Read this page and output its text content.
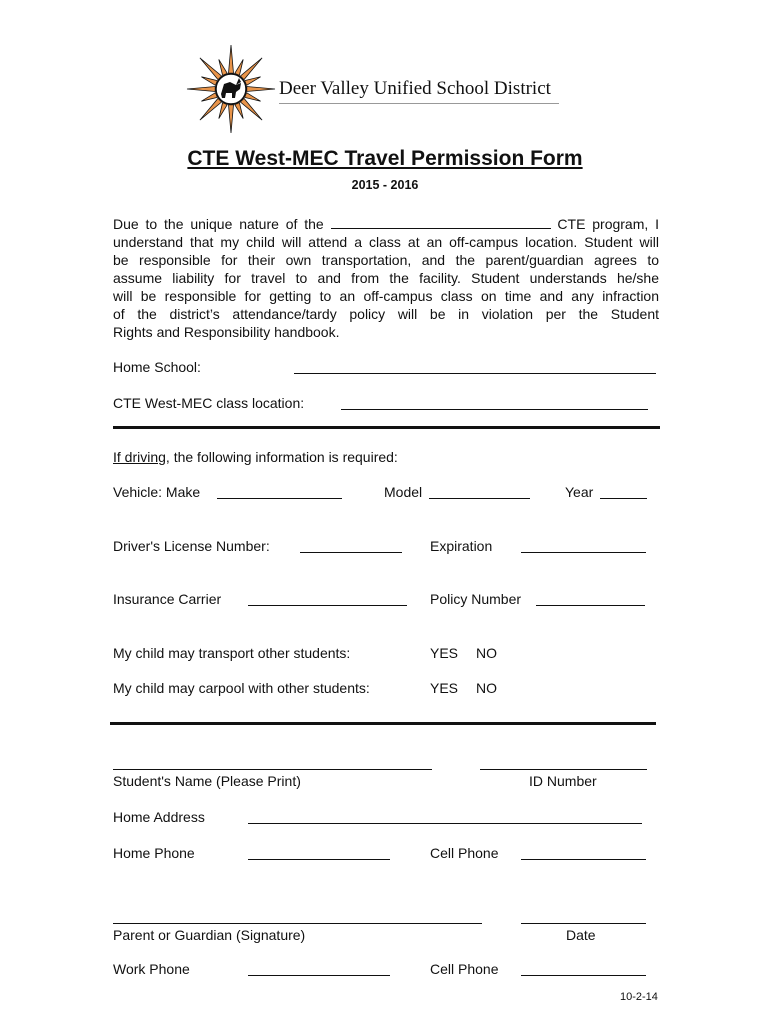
Deer Valley Unified School District
CTE West-MEC Travel Permission Form
2015 - 2016
Due to the unique nature of the	CTE program, I
understand that my child will attend a class at an off-campus location. Student will
be responsible for their own transportation, and the parent/guardian agrees to
assume liability for travel to and from the facility. Student understands he/she
will be responsible for getting to an off-campus class on time and any infraction
of the district’s attendance/tardy policy will be in violation per the Student
Rights and Responsibility handbook.
Home School:
CTE West-MEC class location:
If driving, the following information is required:
Vehicle: Make	Model	Year
Driver's License Number:	Expiration
Insurance Carrier	Policy Number
My child may transport other students:	YES NO
My child may carpool with other students:	YES NO
Student's Name (Please Print)	ID Number
Home Address
Home Phone	Cell Phone
Parent or Guardian (Signature)	Date
Work Phone	Cell Phone
10-2-14
